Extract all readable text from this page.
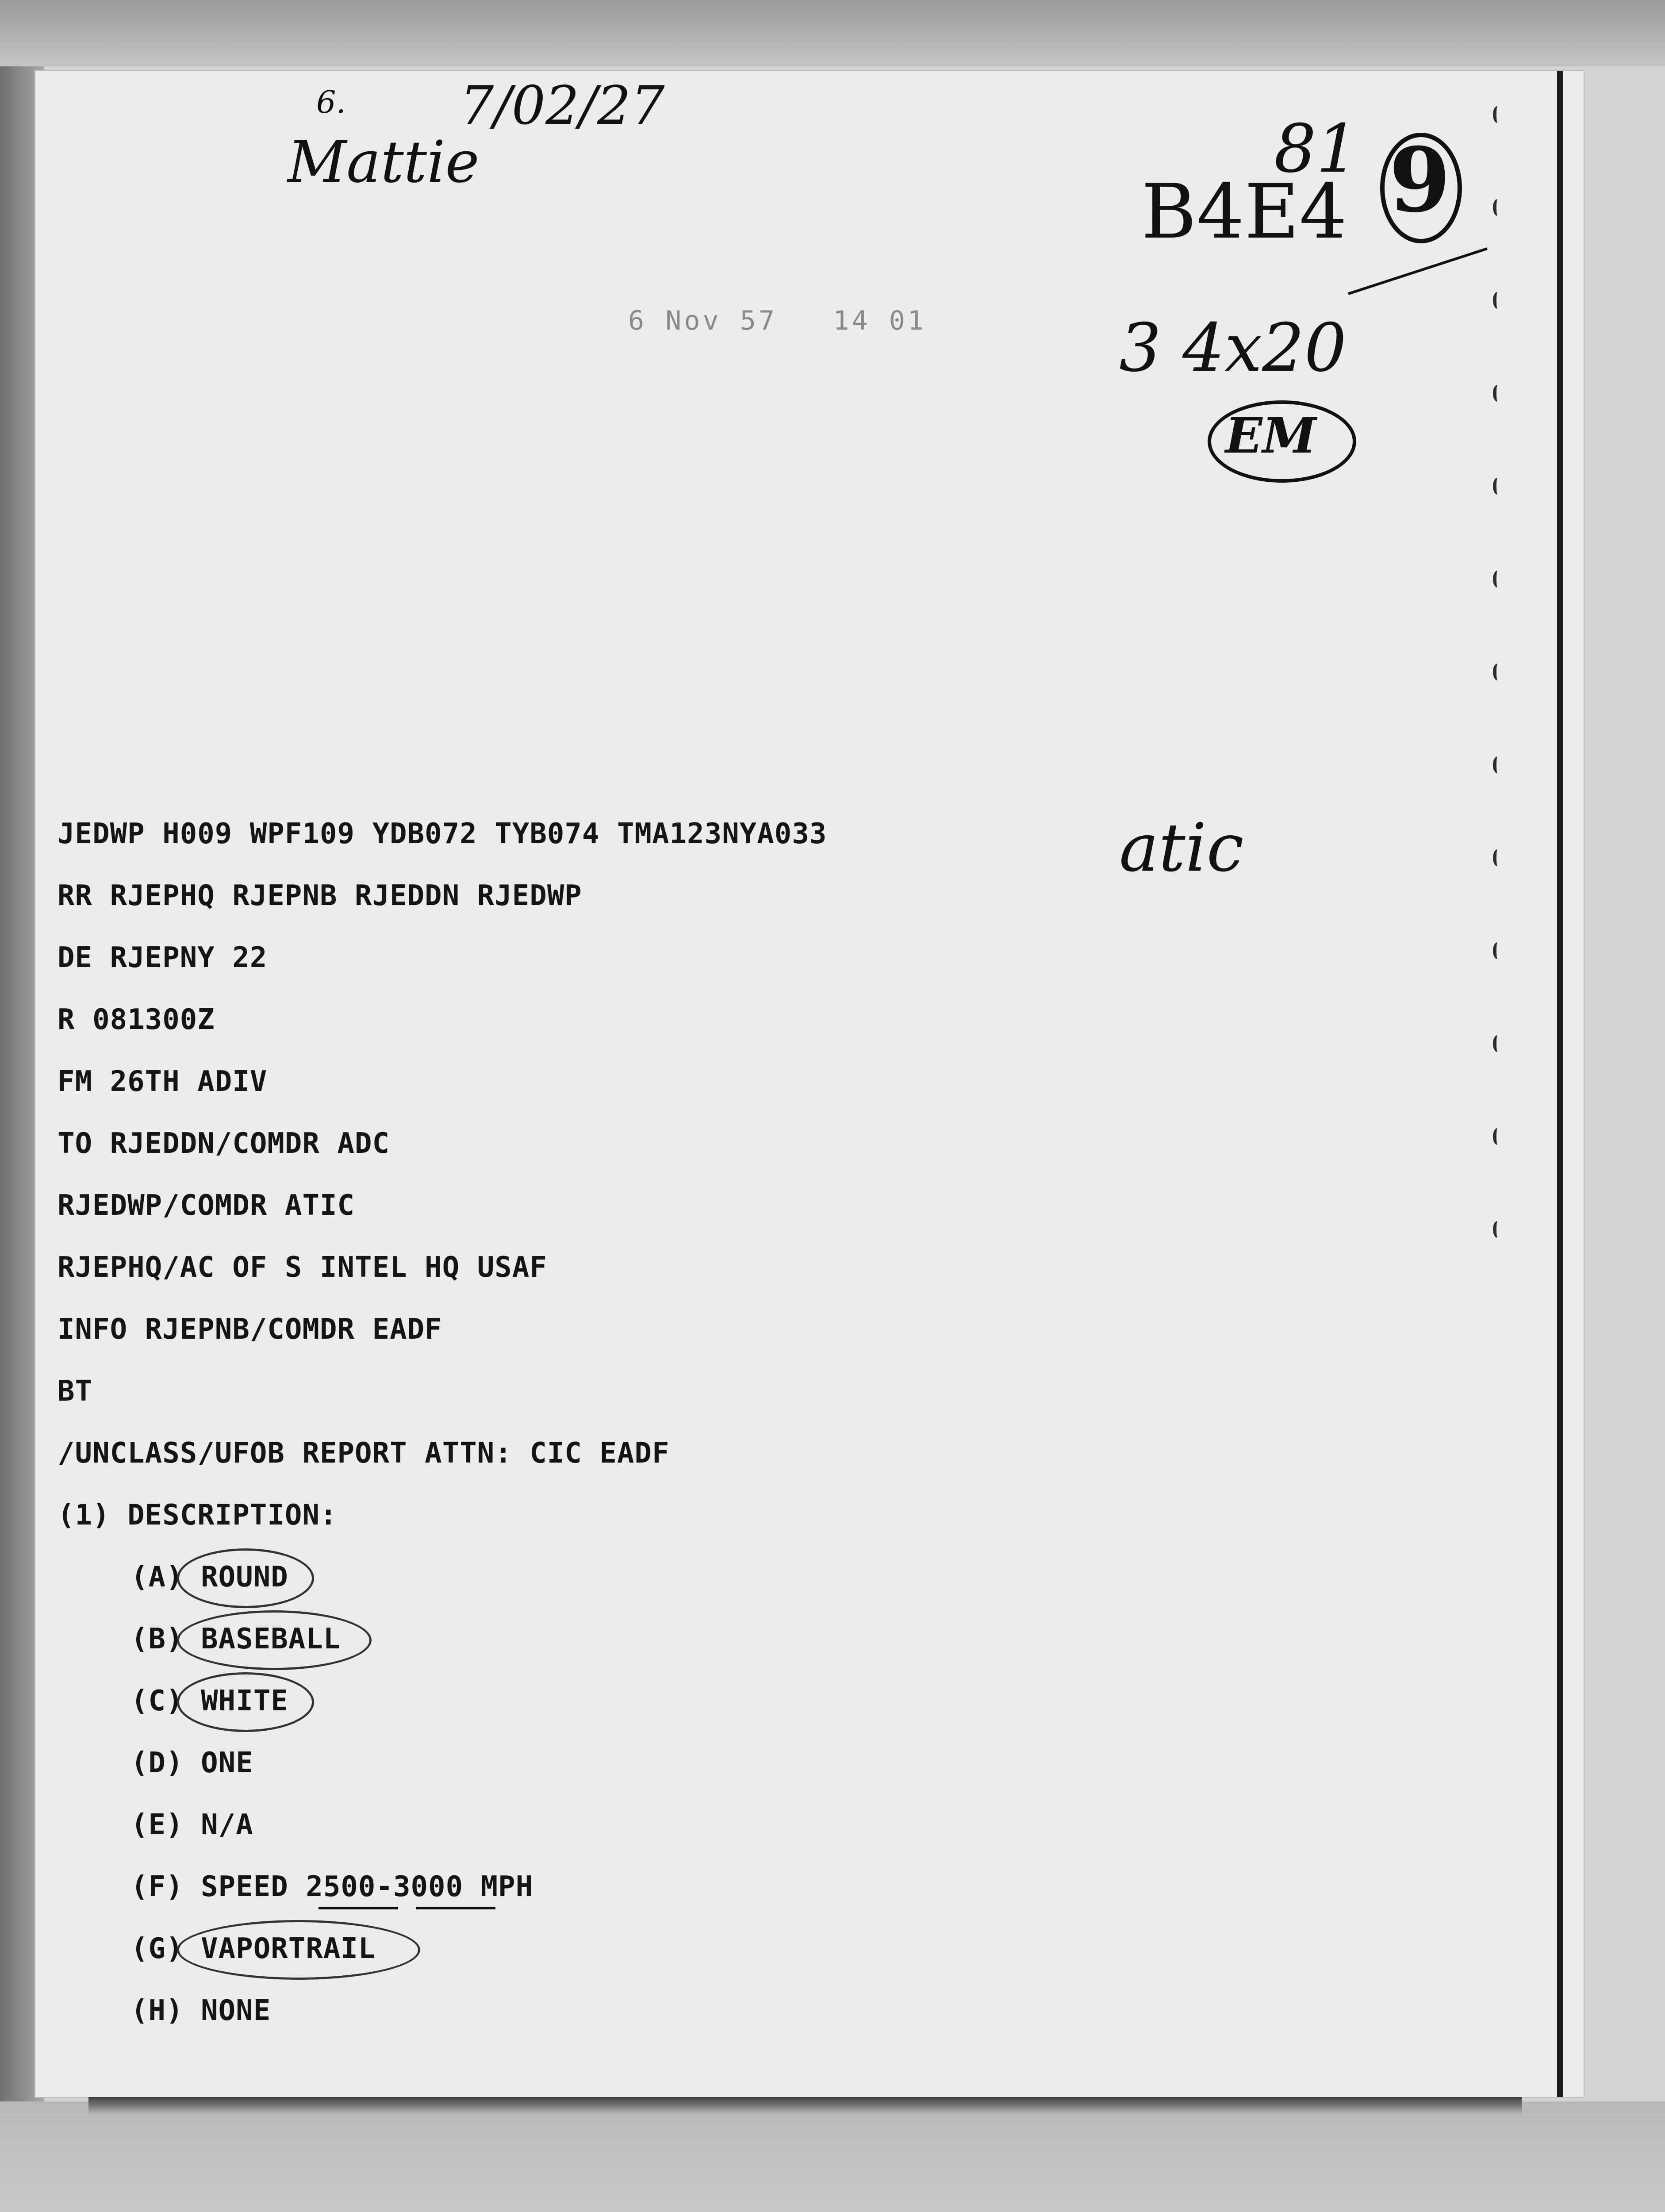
6. 7/02/27
Mattie	81
B4E4 9
3 4x20
EM
atic
6 Nov 57   14 01
JEDWP H009 WPF109 YDB072 TYB074 TMA123NYA033
RR RJEPHQ RJEPNB RJEDDN RJEDWP
DE RJEPNY 22
R 081300Z
FM 26TH ADIV
TO RJEDDN/COMDR ADC
RJEDWP/COMDR ATIC
RJEPHQ/AC OF S INTEL HQ USAF
INFO RJEPNB/COMDR EADF
BT
/UNCLASS/UFOB REPORT ATTN: CIC EADF
(1) DESCRIPTION:
(A) ROUND
(B) BASEBALL
(C) WHITE
(D) ONE
(E) N/A
(F) SPEED 2500-3000 MPH
(G) VAPORTRAIL
(H) NONE
